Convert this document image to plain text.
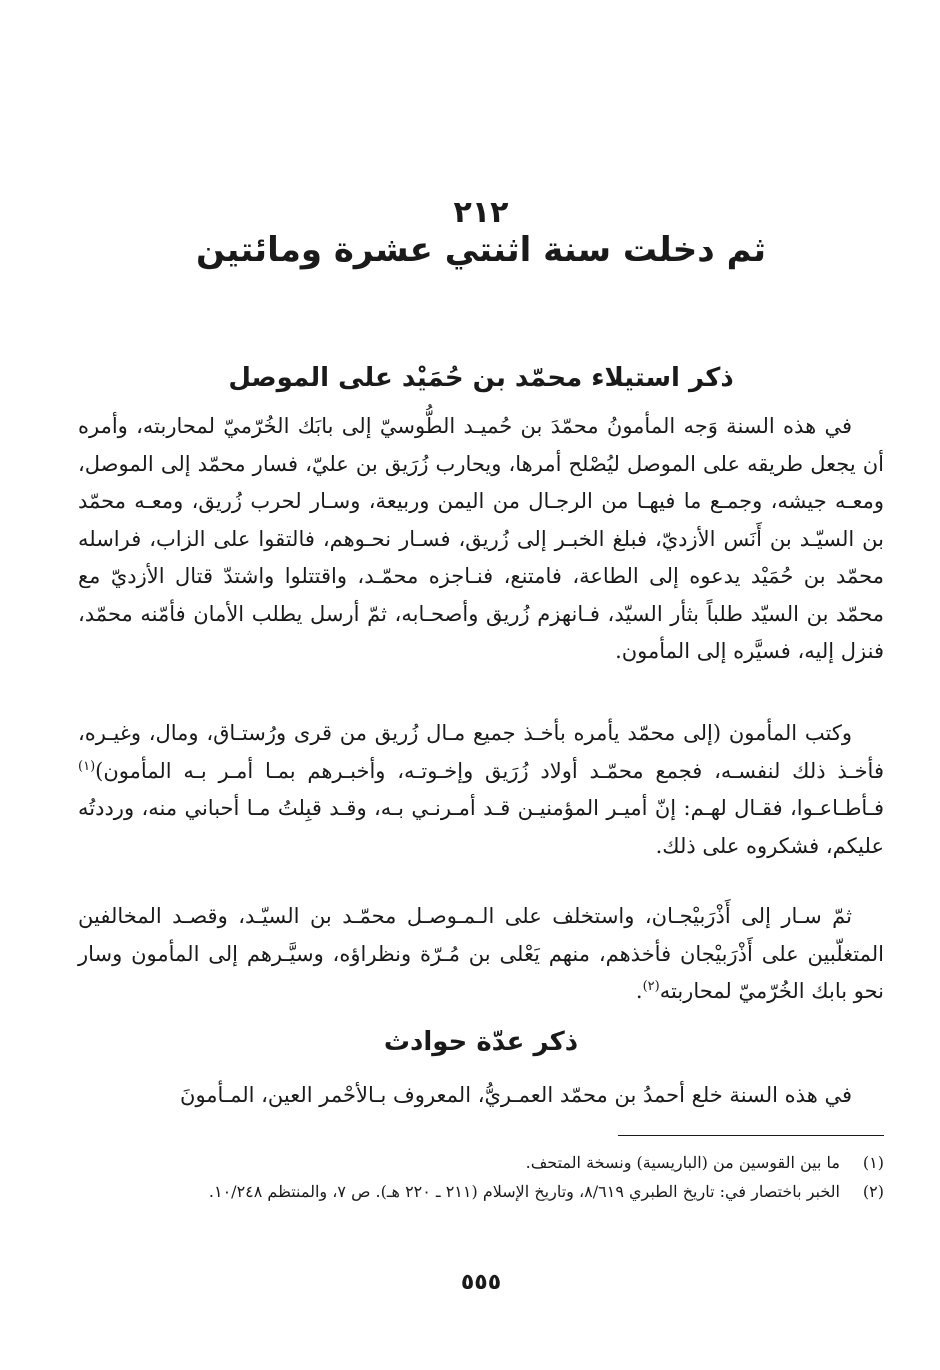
٢١٢
ثم دخلت سنة اثنتي عشرة ومائتين
ذكر استيلاء محمّد بن حُمَيْد على الموصل

في هذه السنة وَجه المأمونُ محمّدَ بن حُميـد الطُّوسيّ إلى بابَك الخُرّميّ لمحاربته، وأمره أن يجعل طريقه على الموصل ليُصْلح أمرها، ويحارب زُرَيق بن عليّ، فسار محمّد إلى الموصل، ومعـه جيشه، وجمـع ما فيهـا من الرجـال من اليمن وربيعة، وسـار لحرب زُريق، ومعـه محمّد بن السيّـد بن أَنَس الأزديّ، فبلغ الخبـر إلى زُريق، فسـار نحـوهم، فالتقوا على الزاب، فراسله محمّد بن حُمَيْد يدعوه إلى الطاعة، فامتنع، فنـاجزه محمّـد، واقتتلوا واشتدّ قتال الأزديّ مع محمّد بن السيّد طلباً بثأر السيّد، فـانهزم زُريق وأصحـابه، ثمّ أرسل يطلب الأمان فأمّنه محمّد، فنزل إليه، فسيَّره إلى المأمون.

وكتب المأمون (إلى محمّد يأمره بأخـذ جميع مـال زُريق من قرى ورُستـاق، ومال، وغيـره، فأخـذ ذلك لنفسـه، فجمع محمّـد أولاد زُرَيق وإخـوتـه، وأخبـرهم بمـا أمـر بـه المأمون)$^{(١)}$ فـأطـاعـوا، فقـال لهـم: إنّ أميـر المؤمنيـن قـد أمـرنـي بـه، وقـد قبِلتُ مـا أحباني منه، ورددتُه عليكم، فشكروه على ذلك.

ثمّ سـار إلى أَذْرَبيْجـان، واستخلف على الـمـوصـل محمّـد بن السيّـد، وقصـد المخالفين المتغلّبين على أَذْرَبيْجان فأخذهم، منهم يَعْلى بن مُـرّة ونظراؤه، وسيَّـرهم إلى المأمون وسار نحو بابك الخُرّميّ لمحاربته$^{(٢)}$.

ذكر عدّة حوادث

في هذه السنة خلع أحمدُ بن محمّد العمـريُّ، المعروف بـالأحْمر العين، المـأمونَ

(١)
ما بين القوسين من (الباريسية) ونسخة المتحف.
(٢)
الخبر باختصار في: تاريخ الطبري ٨/٦١٩، وتاريخ الإسلام (٢١١ ـ ٢٢٠ هـ). ص ٧، والمنتظم ١٠/٢٤٨.
٥٥٥
